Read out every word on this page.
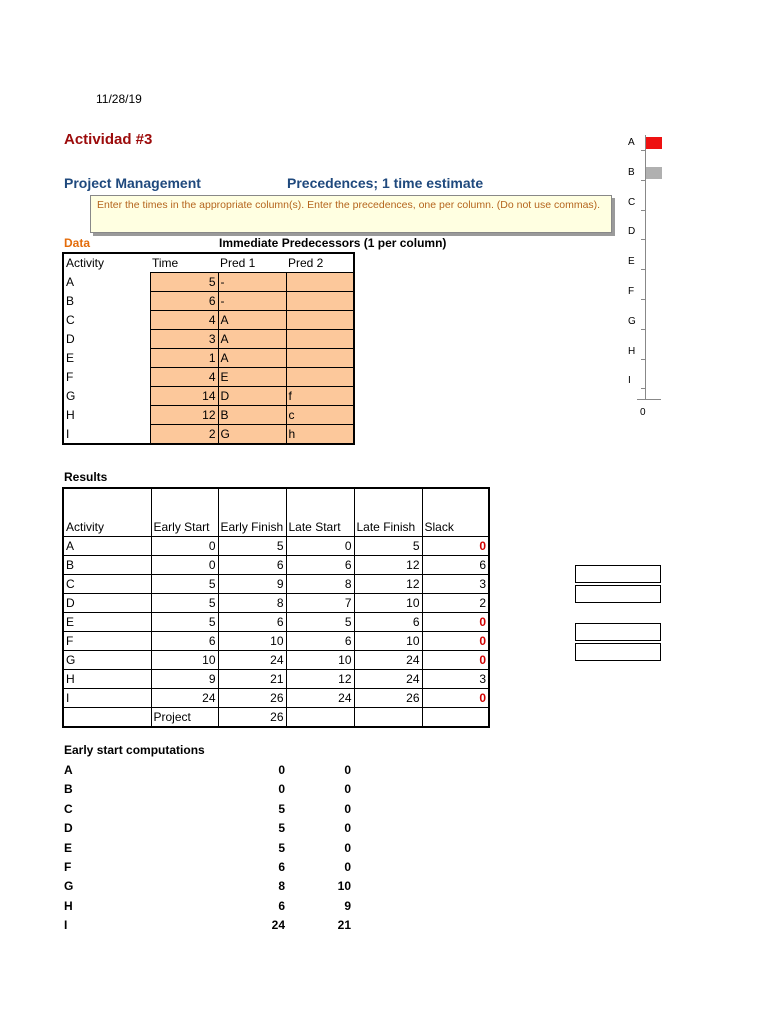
11/28/19
Actividad #3
Project Management	Precedences; 1 time estimate
Enter the times in the appropriate column(s). Enter the precedences, one per column. (Do not use commas).
Data	Immediate Predecessors (1 per column)
Activity	Time	Pred 1	Pred 2
A	5	-	
B	6	-	
C	4	A	
D	3	A	
E	1	A	
F	4	E	
G	14	D	f
H	12	B	c
I	2	G	h
Results
Activity	Early Start	Early Finish	Late Start	Late Finish	Slack
A	0	5	0	5	0
B	0	6	6	12	6
C	5	9	8	12	3
D	5	8	7	10	2
E	5	6	5	6	0
F	6	10	6	10	0
G	10	24	10	24	0
H	9	21	12	24	3
I	24	26	24	26	0
	Project	26			
Early start computations
A	0	0
B	0	0
C	5	0
D	5	0
E	5	0
F	6	0
G	8	10
H	6	9
I	24	21
0
A
B
C
D
E
F
G
H
I
